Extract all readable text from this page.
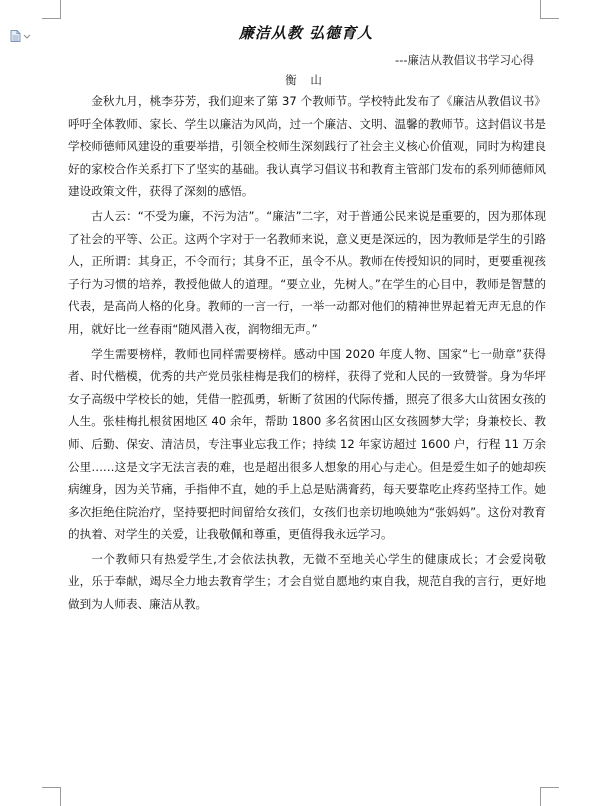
廉洁从教 弘德育人
---廉洁从教倡议书学习心得
衡 山

金秋九月，桃李芬芳，我们迎来了第 37 个教师节。学校特此发布了《廉洁从教倡议书》 呼吁全体教师、家长、学生以廉洁为风尚，过一个廉洁、文明、温馨的教师节。这封倡议书是学校师德师风建设的重要举措，引领全校师生深刻践行了社会主义核心价值观，同时为构建良好的家校合作关系打下了坚实的基础。我认真学习倡议书和教育主管部门发布的系列师德师风建设政策文件，获得了深刻的感悟。

古人云：“不受为廉，不污为洁”。“廉洁”二字，对于普通公民来说是重要的，因为那体现了社会的平等、公正。这两个字对于一名教师来说，意义更是深远的，因为教师是学生的引路人，正所谓：其身正，不令而行；其身不正，虽令不从。教师在传授知识的同时，更要重视孩子行为习惯的培养，教授他做人的道理。“要立业，先树人。”在学生的心目中，教师是智慧的代表，是高尚人格的化身。教师的一言一行，一举一动都对他们的精神世界起着无声无息的作用，就好比一丝春雨“随风潜入夜，润物细无声。”

学生需要榜样，教师也同样需要榜样。感动中国 2020 年度人物、国家“七一勋章”获得者、时代楷模，优秀的共产党员张桂梅是我们的榜样，获得了党和人民的一致赞誉。身为华坪女子高级中学校长的她，凭借一腔孤勇，斩断了贫困的代际传播，照亮了很多大山贫困女孩的人生。张桂梅扎根贫困地区 40 余年，帮助 1800 多名贫困山区女孩圆梦大学；身兼校长、教师、后勤、保安、清洁员，专注事业忘我工作；持续 12 年家访超过 1600 户，行程 11 万余公里……这是文字无法言表的难，也是超出很多人想象的用心与走心。但是爱生如子的她却疾病缠身，因为关节痛，手指伸不直，她的手上总是贴满膏药，每天要靠吃止疼药坚持工作。她多次拒绝住院治疗，坚持要把时间留给女孩们，女孩们也亲切地唤她为“张妈妈”。这份对教育的执着、对学生的关爱，让我敬佩和尊重，更值得我永远学习。

一个教师只有热爱学生,才会依法执教，无微不至地关心学生的健康成长；才会爱岗敬业，乐于奉献，竭尽全力地去教育学生；才会自觉自愿地约束自我，规范自我的言行，更好地做到为人师表、廉洁从教。
